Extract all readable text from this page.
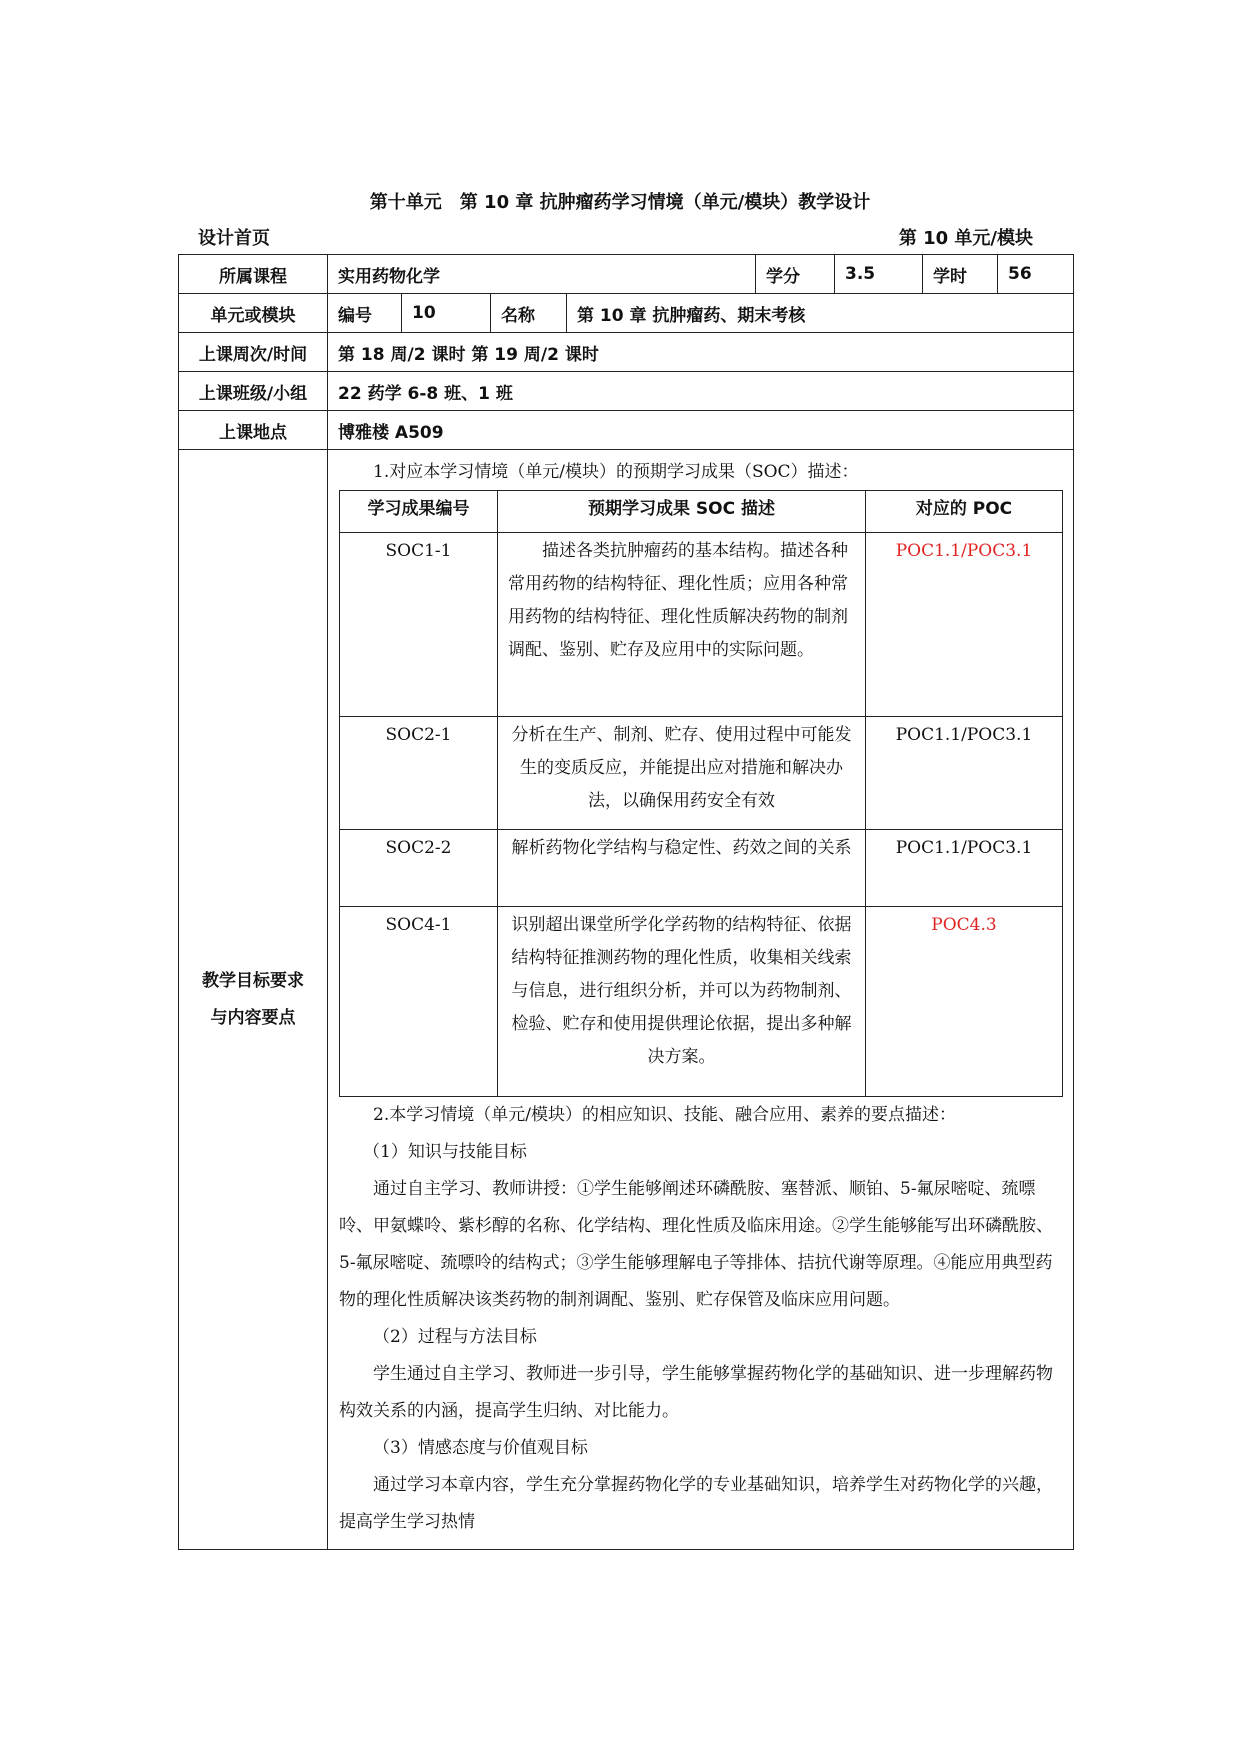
第十单元　第 10 章 抗肿瘤药学习情境（单元/模块）教学设计
设计首页	第 10 单元/模块
所属课程	实用药物化学	学分	3.5	学时	56
单元或模块	编号	10	名称	第 10 章 抗肿瘤药、期末考核
上课周次/时间	第 18 周/2 课时 第 19 周/2 课时
上课班级/小组	22 药学 6-8 班、1 班
上课地点	博雅楼 A509

教学目标要求
与内容要点

1.对应本学习情境（单元/模块）的预期学习成果（SOC）描述：
学习成果编号	预期学习成果 SOC 描述	对应的 POC
SOC1-1	描述各类抗肿瘤药的基本结构。描述各种常用药物的结构特征、理化性质；应用各种常用药物的结构特征、理化性质解决药物的制剂调配、鉴别、贮存及应用中的实际问题。	POC1.1/POC3.1
SOC2-1	分析在生产、制剂、贮存、使用过程中可能发生的变质反应，并能提出应对措施和解决办法，以确保用药安全有效	POC1.1/POC3.1
SOC2-2	解析药物化学结构与稳定性、药效之间的关系	POC1.1/POC3.1
SOC4-1	识别超出课堂所学化学药物的结构特征、依据结构特征推测药物的理化性质，收集相关线索与信息，进行组织分析，并可以为药物制剂、检验、贮存和使用提供理论依据，提出多种解决方案。	POC4.3
2.本学习情境（单元/模块）的相应知识、技能、融合应用、素养的要点描述：
（1）知识与技能目标
通过自主学习、教师讲授：①学生能够阐述环磷酰胺、塞替派、顺铂、5-氟尿嘧啶、巯嘌呤、甲氨蝶呤、紫杉醇的名称、化学结构、理化性质及临床用途。②学生能够能写出环磷酰胺、5-氟尿嘧啶、巯嘌呤的结构式；③学生能够理解电子等排体、拮抗代谢等原理。④能应用典型药物的理化性质解决该类药物的制剂调配、鉴别、贮存保管及临床应用问题。
（2）过程与方法目标
学生通过自主学习、教师进一步引导，学生能够掌握药物化学的基础知识、进一步理解药物构效关系的内涵，提高学生归纳、对比能力。
（3）情感态度与价值观目标
通过学习本章内容，学生充分掌握药物化学的专业基础知识，培养学生对药物化学的兴趣，提高学生学习热情
